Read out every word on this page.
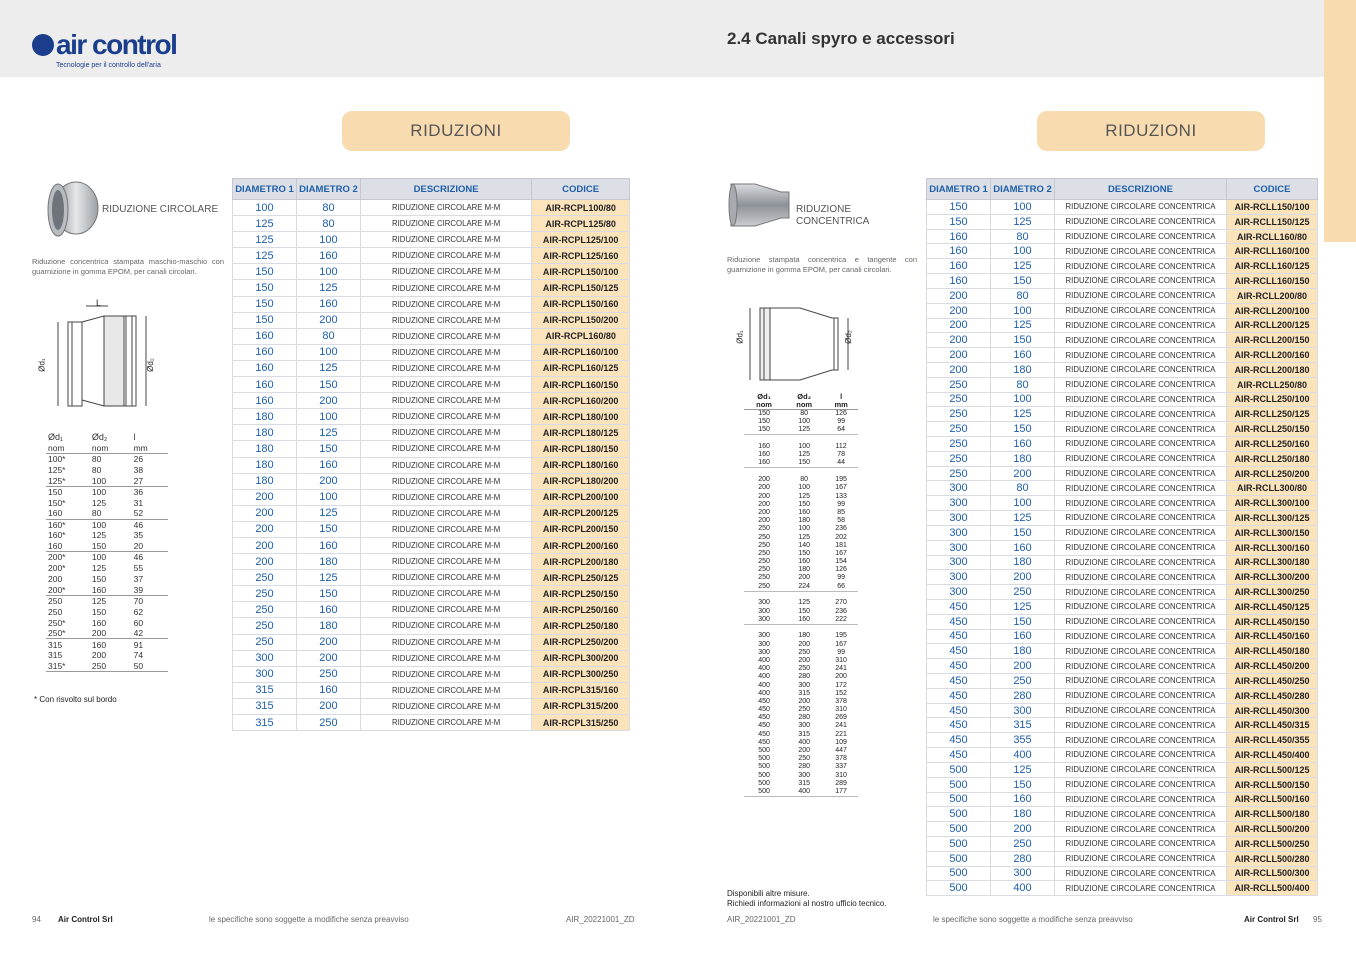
air control
Tecnologie per il controllo dell'aria
2.4 Canali spyro e accessori
RIDUZIONI
RIDUZIONE CIRCOLARE
Riduzione concentrica stampata maschio-maschio con guarnizione in gomma EPOM, per canali circolari.
L
Ød₁	Ød₂
Ød₁	Ød₂	l
nom	nom	mm
100*	80	26
125*	80	38
125*	100	27
150	100	36
150*	125	31
160	80	52
160*	100	46
160*	125	35
160	150	20
200*	100	46
200*	125	55
200	150	37
200*	160	39
250	125	70
250	150	62
250*	160	60
250*	200	42
315	160	91
315	200	74
315*	250	50

* Con risvolto sul bordo
DIAMETRO 1	DIAMETRO 2	DESCRIZIONE	CODICE
100	80	RIDUZIONE CIRCOLARE M-M	AIR-RCPL100/80
125	80	RIDUZIONE CIRCOLARE M-M	AIR-RCPL125/80
125	100	RIDUZIONE CIRCOLARE M-M	AIR-RCPL125/100
125	160	RIDUZIONE CIRCOLARE M-M	AIR-RCPL125/160
150	100	RIDUZIONE CIRCOLARE M-M	AIR-RCPL150/100
150	125	RIDUZIONE CIRCOLARE M-M	AIR-RCPL150/125
150	160	RIDUZIONE CIRCOLARE M-M	AIR-RCPL150/160
150	200	RIDUZIONE CIRCOLARE M-M	AIR-RCPL150/200
160	80	RIDUZIONE CIRCOLARE M-M	AIR-RCPL160/80
160	100	RIDUZIONE CIRCOLARE M-M	AIR-RCPL160/100
160	125	RIDUZIONE CIRCOLARE M-M	AIR-RCPL160/125
160	150	RIDUZIONE CIRCOLARE M-M	AIR-RCPL160/150
160	200	RIDUZIONE CIRCOLARE M-M	AIR-RCPL160/200
180	100	RIDUZIONE CIRCOLARE M-M	AIR-RCPL180/100
180	125	RIDUZIONE CIRCOLARE M-M	AIR-RCPL180/125
180	150	RIDUZIONE CIRCOLARE M-M	AIR-RCPL180/150
180	160	RIDUZIONE CIRCOLARE M-M	AIR-RCPL180/160
180	200	RIDUZIONE CIRCOLARE M-M	AIR-RCPL180/200
200	100	RIDUZIONE CIRCOLARE M-M	AIR-RCPL200/100
200	125	RIDUZIONE CIRCOLARE M-M	AIR-RCPL200/125
200	150	RIDUZIONE CIRCOLARE M-M	AIR-RCPL200/150
200	160	RIDUZIONE CIRCOLARE M-M	AIR-RCPL200/160
200	180	RIDUZIONE CIRCOLARE M-M	AIR-RCPL200/180
250	125	RIDUZIONE CIRCOLARE M-M	AIR-RCPL250/125
250	150	RIDUZIONE CIRCOLARE M-M	AIR-RCPL250/150
250	160	RIDUZIONE CIRCOLARE M-M	AIR-RCPL250/160
250	180	RIDUZIONE CIRCOLARE M-M	AIR-RCPL250/180
250	200	RIDUZIONE CIRCOLARE M-M	AIR-RCPL250/200
300	200	RIDUZIONE CIRCOLARE M-M	AIR-RCPL300/200
300	250	RIDUZIONE CIRCOLARE M-M	AIR-RCPL300/250
315	160	RIDUZIONE CIRCOLARE M-M	AIR-RCPL315/160
315	200	RIDUZIONE CIRCOLARE M-M	AIR-RCPL315/200
315	250	RIDUZIONE CIRCOLARE M-M	AIR-RCPL315/250
RIDUZIONI
RIDUZIONE
CONCENTRICA
Riduzione stampata concentrica e tangente con guarnizione in gomma EPOM, per canali circolari.
Ød₁	Ød₂
Ød₁	Ød₂	l
nom	nom	mm
150	80	126
150	100	99
150	125	64

160	100	112
160	125	78
160	150	44

200	80	195
200	100	167
200	125	133
200	150	99
200	160	85
200	180	58
250	100	236
250	125	202
250	140	181
250	150	167
250	160	154
250	180	126
250	200	99
250	224	66

300	125	270
300	150	236
300	160	222

300	180	195
300	200	167
300	250	99
400	200	310
400	250	241
400	280	200
400	300	172
400	315	152
450	200	378
450	250	310
450	280	269
450	300	241
450	315	221
450	400	109
500	200	447
500	250	378
500	280	337
500	300	310
500	315	289
500	400	177
Disponibili altre misure.
Richiedi informazioni al nostro ufficio tecnico.
DIAMETRO 1	DIAMETRO 2	DESCRIZIONE	CODICE
150	100	RIDUZIONE CIRCOLARE CONCENTRICA	AIR-RCLL150/100
150	125	RIDUZIONE CIRCOLARE CONCENTRICA	AIR-RCLL150/125
160	80	RIDUZIONE CIRCOLARE CONCENTRICA	AIR-RCLL160/80
160	100	RIDUZIONE CIRCOLARE CONCENTRICA	AIR-RCLL160/100
160	125	RIDUZIONE CIRCOLARE CONCENTRICA	AIR-RCLL160/125
160	150	RIDUZIONE CIRCOLARE CONCENTRICA	AIR-RCLL160/150
200	80	RIDUZIONE CIRCOLARE CONCENTRICA	AIR-RCLL200/80
200	100	RIDUZIONE CIRCOLARE CONCENTRICA	AIR-RCLL200/100
200	125	RIDUZIONE CIRCOLARE CONCENTRICA	AIR-RCLL200/125
200	150	RIDUZIONE CIRCOLARE CONCENTRICA	AIR-RCLL200/150
200	160	RIDUZIONE CIRCOLARE CONCENTRICA	AIR-RCLL200/160
200	180	RIDUZIONE CIRCOLARE CONCENTRICA	AIR-RCLL200/180
250	80	RIDUZIONE CIRCOLARE CONCENTRICA	AIR-RCLL250/80
250	100	RIDUZIONE CIRCOLARE CONCENTRICA	AIR-RCLL250/100
250	125	RIDUZIONE CIRCOLARE CONCENTRICA	AIR-RCLL250/125
250	150	RIDUZIONE CIRCOLARE CONCENTRICA	AIR-RCLL250/150
250	160	RIDUZIONE CIRCOLARE CONCENTRICA	AIR-RCLL250/160
250	180	RIDUZIONE CIRCOLARE CONCENTRICA	AIR-RCLL250/180
250	200	RIDUZIONE CIRCOLARE CONCENTRICA	AIR-RCLL250/200
300	80	RIDUZIONE CIRCOLARE CONCENTRICA	AIR-RCLL300/80
300	100	RIDUZIONE CIRCOLARE CONCENTRICA	AIR-RCLL300/100
300	125	RIDUZIONE CIRCOLARE CONCENTRICA	AIR-RCLL300/125
300	150	RIDUZIONE CIRCOLARE CONCENTRICA	AIR-RCLL300/150
300	160	RIDUZIONE CIRCOLARE CONCENTRICA	AIR-RCLL300/160
300	180	RIDUZIONE CIRCOLARE CONCENTRICA	AIR-RCLL300/180
300	200	RIDUZIONE CIRCOLARE CONCENTRICA	AIR-RCLL300/200
300	250	RIDUZIONE CIRCOLARE CONCENTRICA	AIR-RCLL300/250
450	125	RIDUZIONE CIRCOLARE CONCENTRICA	AIR-RCLL450/125
450	150	RIDUZIONE CIRCOLARE CONCENTRICA	AIR-RCLL450/150
450	160	RIDUZIONE CIRCOLARE CONCENTRICA	AIR-RCLL450/160
450	180	RIDUZIONE CIRCOLARE CONCENTRICA	AIR-RCLL450/180
450	200	RIDUZIONE CIRCOLARE CONCENTRICA	AIR-RCLL450/200
450	250	RIDUZIONE CIRCOLARE CONCENTRICA	AIR-RCLL450/250
450	280	RIDUZIONE CIRCOLARE CONCENTRICA	AIR-RCLL450/280
450	300	RIDUZIONE CIRCOLARE CONCENTRICA	AIR-RCLL450/300
450	315	RIDUZIONE CIRCOLARE CONCENTRICA	AIR-RCLL450/315
450	355	RIDUZIONE CIRCOLARE CONCENTRICA	AIR-RCLL450/355
450	400	RIDUZIONE CIRCOLARE CONCENTRICA	AIR-RCLL450/400
500	125	RIDUZIONE CIRCOLARE CONCENTRICA	AIR-RCLL500/125
500	150	RIDUZIONE CIRCOLARE CONCENTRICA	AIR-RCLL500/150
500	160	RIDUZIONE CIRCOLARE CONCENTRICA	AIR-RCLL500/160
500	180	RIDUZIONE CIRCOLARE CONCENTRICA	AIR-RCLL500/180
500	200	RIDUZIONE CIRCOLARE CONCENTRICA	AIR-RCLL500/200
500	250	RIDUZIONE CIRCOLARE CONCENTRICA	AIR-RCLL500/250
500	280	RIDUZIONE CIRCOLARE CONCENTRICA	AIR-RCLL500/280
500	300	RIDUZIONE CIRCOLARE CONCENTRICA	AIR-RCLL500/300
500	400	RIDUZIONE CIRCOLARE CONCENTRICA	AIR-RCLL500/400
94 Air Control Srl	le specifiche sono soggette a modifiche senza preavviso	AIR_20221001_ZD	AIR_20221001_ZD	le specifiche sono soggette a modifiche senza preavviso	Air Control Srl 95
